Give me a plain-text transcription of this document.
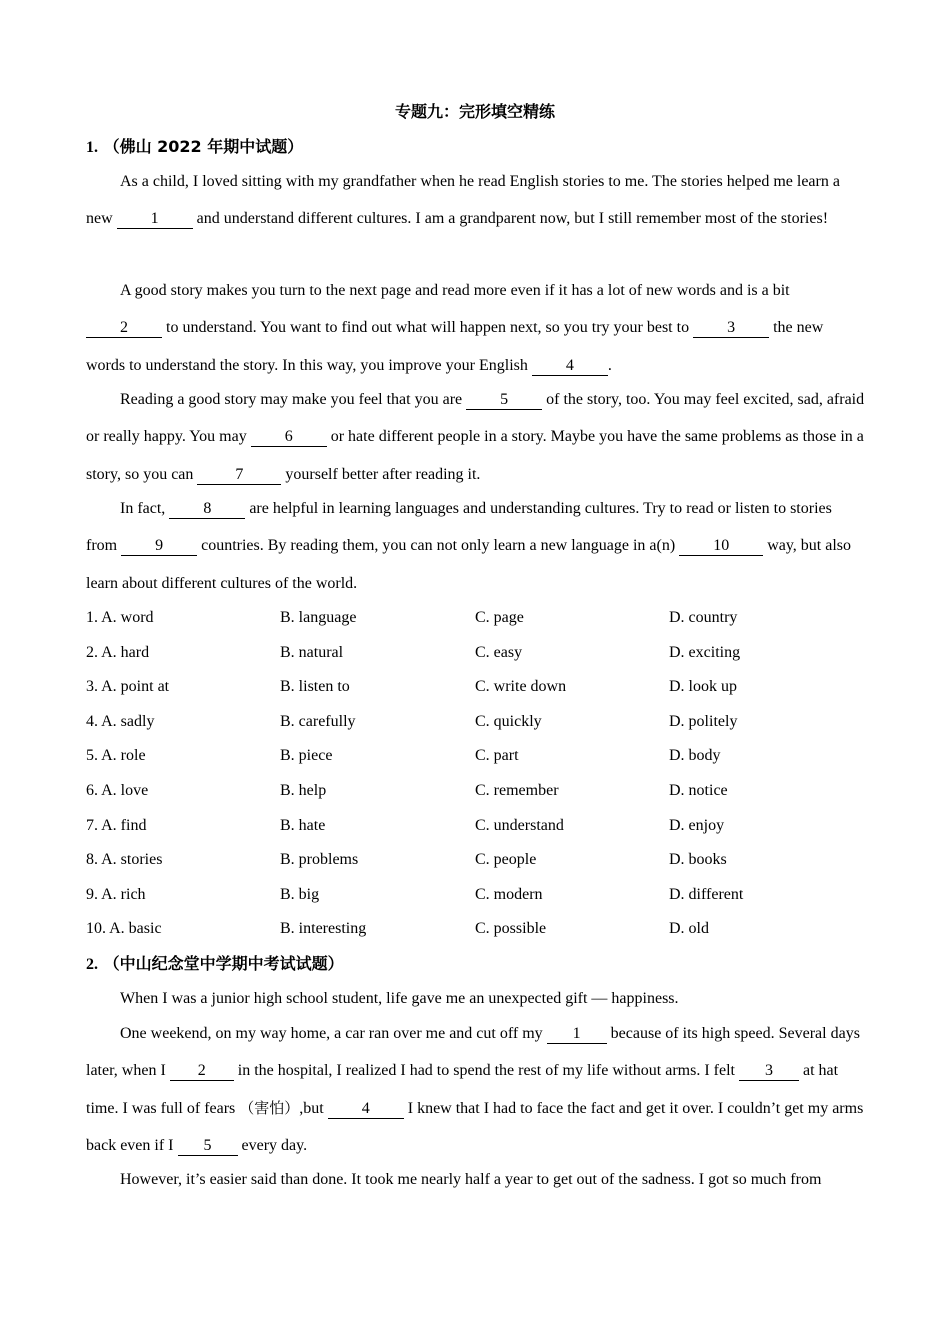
专题九：完形填空精练
1. （佛山 2022 年期中试题）
As a child, I loved sitting with my grandfather when he read English stories to me. The stories helped me learn a new 1 and understand different cultures. I am a grandparent now, but I still remember most of the stories!
A good story makes you turn to the next page and read more even if it has a lot of new words and is a bit 2 to understand. You want to find out what will happen next, so you try your best to 3 the new words to understand the story. In this way, you improve your English 4 .
Reading a good story may make you feel that you are 5 of the story, too. You may feel excited, sad, afraid or really happy. You may 6 or hate different people in a story. Maybe you have the same problems as those in a story, so you can 7 yourself better after reading it.
In fact, 8 are helpful in learning languages and understanding cultures. Try to read or listen to stories from 9 countries. By reading them, you can not only learn a new language in a(n) 10 way, but also learn about different cultures of the world.
1. A. word	B. language	C. page	D. country
2. A. hard	B. natural	C. easy	D. exciting
3. A. point at	B. listen to	C. write down	D. look up
4. A. sadly	B. carefully	C. quickly	D. politely
5. A. role	B. piece	C. part	D. body
6. A. love	B. help	C. remember	D. notice
7. A. find	B. hate	C. understand	D. enjoy
8. A. stories	B. problems	C. people	D. books
9. A. rich	B. big	C. modern	D. different
10. A. basic	B. interesting	C. possible	D. old
2. （中山纪念堂中学期中考试试题）
When I was a junior high school student, life gave me an unexpected gift — happiness.
One weekend, on my way home, a car ran over me and cut off my 1 because of its high speed. Several days later, when I 2 in the hospital, I realized I had to spend the rest of my life without arms. I felt 3 at hat time. I was full of fears （害怕）,but 4 I knew that I had to face the fact and get it over. I couldn’t get my arms back even if I 5 every day.
However, it’s easier said than done. It took me nearly half a year to get out of the sadness. I got so much from
